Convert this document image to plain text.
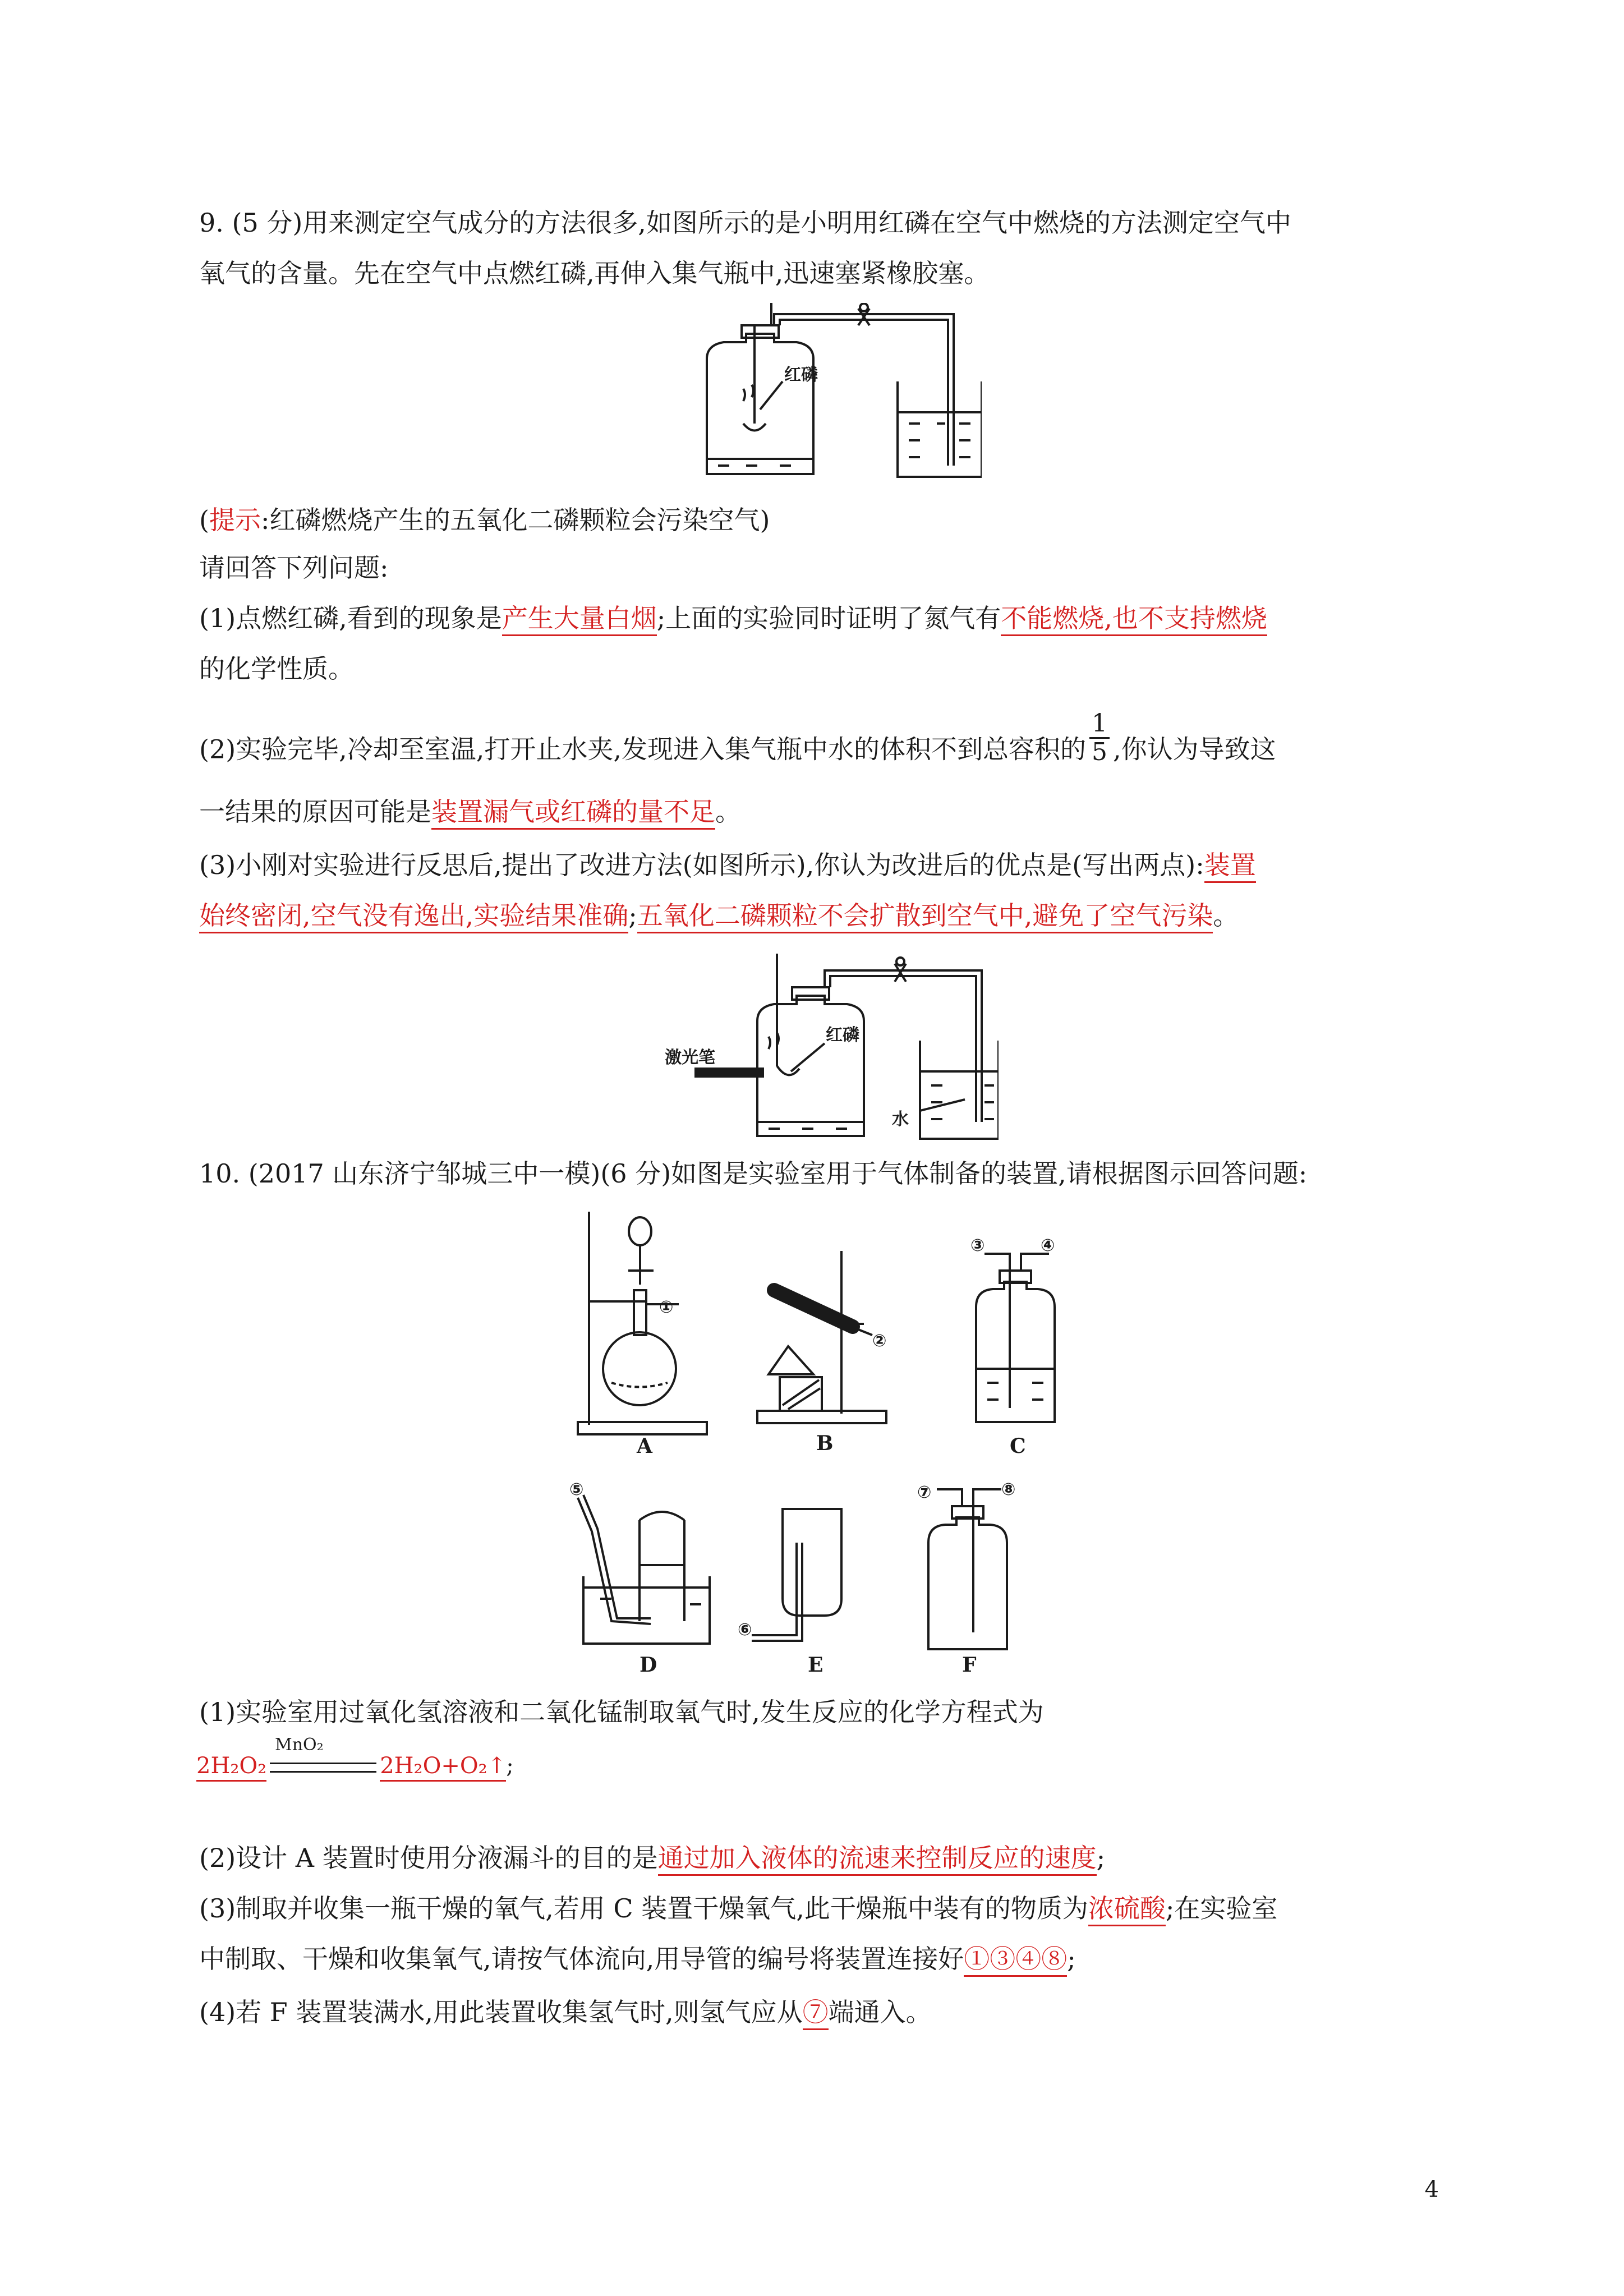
9. (5 分)用来测定空气成分的方法很多,如图所示的是小明用红磷在空气中燃烧的方法测定空气中
氧气的含量。先在空气中点燃红磷,再伸入集气瓶中,迅速塞紧橡胶塞。
红磷
(提示:红磷燃烧产生的五氧化二磷颗粒会污染空气)
请回答下列问题:
(1)点燃红磷,看到的现象是产生大量白烟;上面的实验同时证明了氮气有不能燃烧,也不支持燃烧
的化学性质。
(2)实验完毕,冷却至室温,打开止水夹,发现进入集气瓶中水的体积不到总容积的 $\frac{1}{5}$ ,你认为导致这
一结果的原因可能是装置漏气或红磷的量不足。
(3)小刚对实验进行反思后,提出了改进方法(如图所示),你认为改进后的优点是(写出两点):装置
始终密闭,空气没有逸出,实验结果准确;五氧化二磷颗粒不会扩散到空气中,避免了空气污染。
红磷
激光笔
水
10. (2017 山东济宁邹城三中一模)(6 分)如图是实验室用于气体制备的装置,请根据图示回答问题:
①
②
③	④
⑤
⑥
⑦	⑧
A	B	C
D	E	F
(1)实验室用过氧化氢溶液和二氧化锰制取氧气时,发生反应的化学方程式为
MnO₂
2H₂O₂	2H₂O+O₂↑;
(2)设计 A 装置时使用分液漏斗的目的是通过加入液体的流速来控制反应的速度;
(3)制取并收集一瓶干燥的氧气,若用 C 装置干燥氧气,此干燥瓶中装有的物质为浓硫酸;在实验室
中制取、干燥和收集氧气,请按气体流向,用导管的编号将装置连接好①③④⑧;
(4)若 F 装置装满水,用此装置收集氢气时,则氢气应从⑦端通入。
4
